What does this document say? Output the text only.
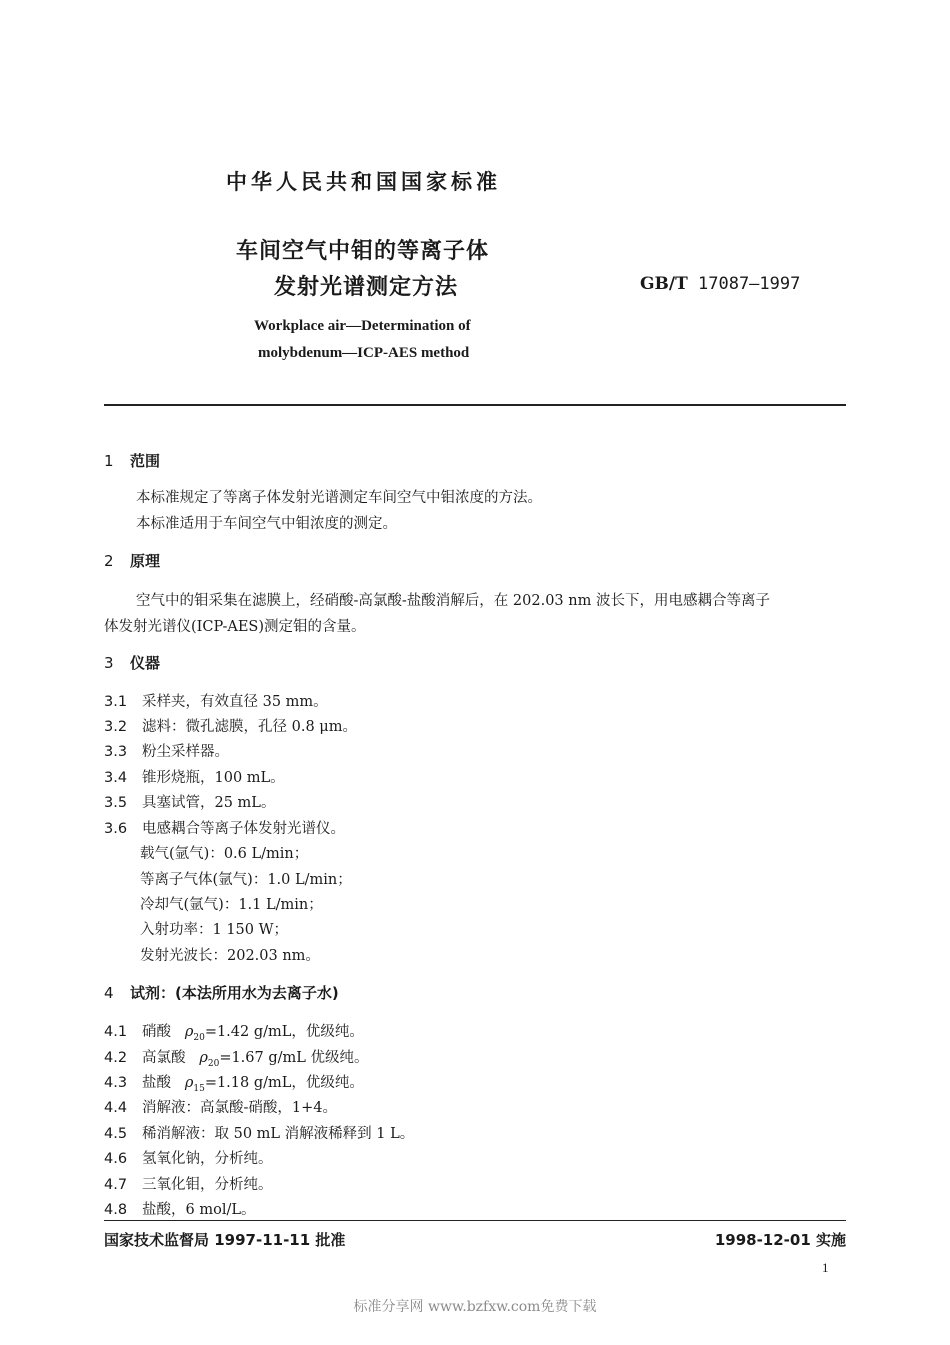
中华人民共和国国家标准
车间空气中钼的等离子体
发射光谱测定方法	GB/T 17087—1997
Workplace air—Determination of
molybdenum—ICP-AES method
1 范围
本标准规定了等离子体发射光谱测定车间空气中钼浓度的方法。
本标准适用于车间空气中钼浓度的测定。
2 原理
空气中的钼采集在滤膜上，经硝酸-高氯酸-盐酸消解后，在 202.03 nm 波长下，用电感耦合等离子
体发射光谱仪(ICP-AES)测定钼的含量。
3 仪器
3.1 采样夹，有效直径 35 mm。
3.2 滤料：微孔滤膜，孔径 0.8 μm。
3.3 粉尘采样器。
3.4 锥形烧瓶，100 mL。
3.5 具塞试管，25 mL。
3.6 电感耦合等离子体发射光谱仪。
载气(氩气)：0.6 L/min；
等离子气体(氩气)：1.0 L/min；
冷却气(氩气)：1.1 L/min；
入射功率：1 150 W；
发射光波长：202.03 nm。
4 试剂：(本法所用水为去离子水)
4.1 硝酸 $\rho_{20}=1.42$ g/mL，优级纯。
4.2 高氯酸 $\rho_{20}=1.67$ g/mL 优级纯。
4.3 盐酸 $\rho_{15}=1.18$ g/mL，优级纯。
4.4 消解液：高氯酸-硝酸，1+4。
4.5 稀消解液：取 50 mL 消解液稀释到 1 L。
4.6 氢氧化钠，分析纯。
4.7 三氧化钼，分析纯。
4.8 盐酸，6 mol/L。
国家技术监督局 1997-11-11 批准	1998-12-01 实施
1
标准分享网 www.bzfxw.com免费下载
